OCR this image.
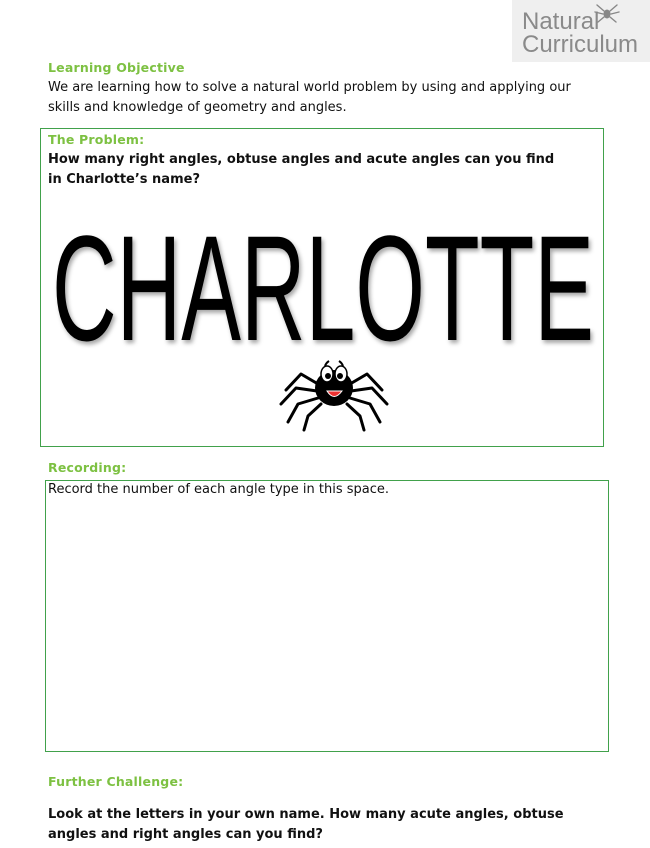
Natural
Curriculum
Learning Objective
We are learning how to solve a natural world problem by using and applying our skills and knowledge of geometry and angles.
The Problem:
How many right angles, obtuse angles and acute angles can you find in Charlotte’s name?
CHARLOTTE
Recording:
Record the number of each angle type in this space.
Further Challenge:
Look at the letters in your own name. How many acute angles, obtuse angles and right angles can you find?
